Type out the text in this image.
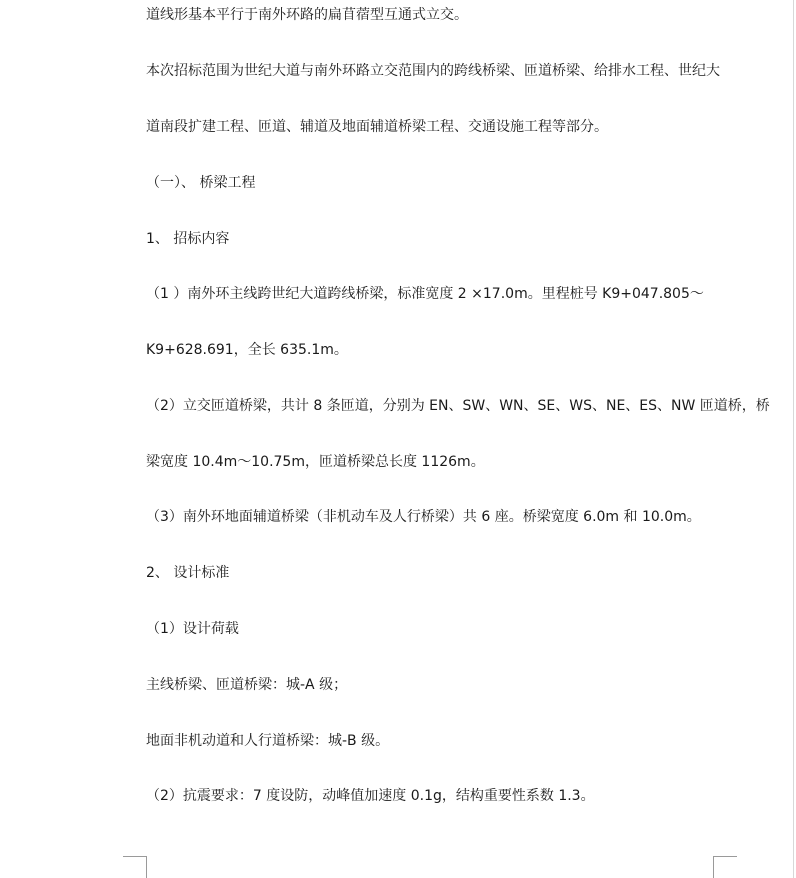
道线形基本平行于南外环路的扁苜蓿型互通式立交。
本次招标范围为世纪大道与南外环路立交范围内的跨线桥梁、匝道桥梁、给排水工程、世纪大
道南段扩建工程、匝道、辅道及地面辅道桥梁工程、交通设施工程等部分。
（一）、 桥梁工程
1、 招标内容
（1 ）南外环主线跨世纪大道跨线桥梁，标准宽度 2 ×17.0m。里程桩号 K9+047.805～
K9+628.691，全长 635.1m。
（2）立交匝道桥梁，共计 8 条匝道，分别为 EN、SW、WN、SE、WS、NE、ES、NW 匝道桥，桥
梁宽度 10.4m～10.75m，匝道桥梁总长度 1126m。
（3）南外环地面辅道桥梁（非机动车及人行桥梁）共 6 座。桥梁宽度 6.0m 和 10.0m。
2、 设计标准
（1）设计荷载
主线桥梁、匝道桥梁：城-A 级；
地面非机动道和人行道桥梁：城-B 级。
（2）抗震要求：7 度设防，动峰值加速度 0.1g，结构重要性系数 1.3。
